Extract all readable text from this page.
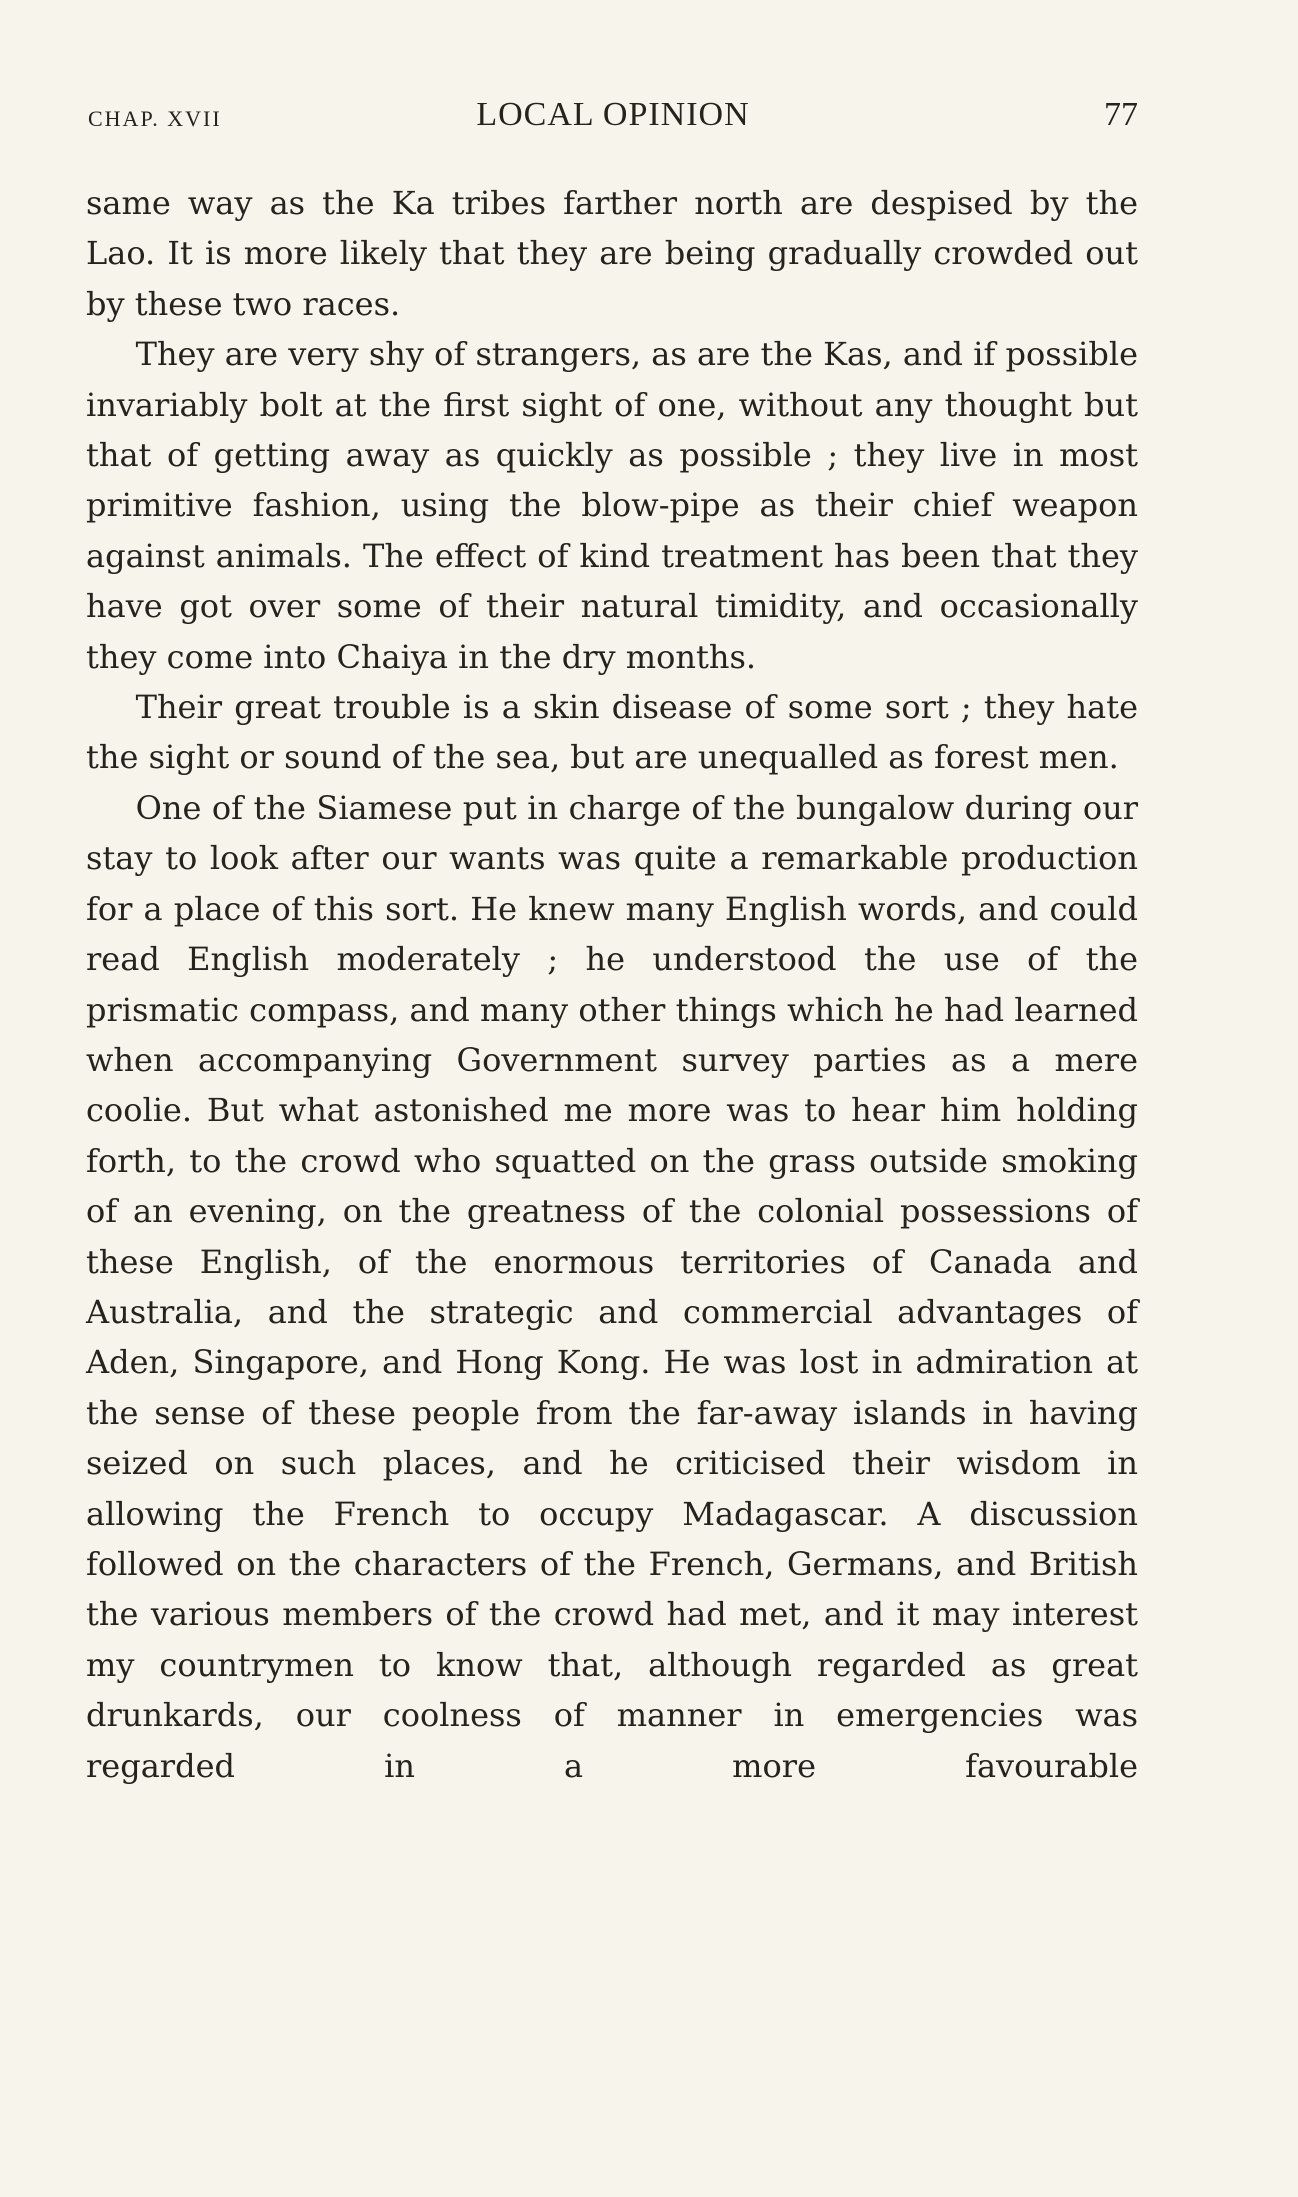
CHAP. XVII	LOCAL OPINION	77

same way as the Ka tribes farther north are despised by the Lao. It is more likely that they are being gradually crowded out by these two races.

They are very shy of strangers, as are the Kas, and if possible invariably bolt at the first sight of one, without any thought but that of getting away as quickly as possible ; they live in most primitive fashion, using the blow-pipe as their chief weapon against animals. The effect of kind treatment has been that they have got over some of their natural timidity, and occasionally they come into Chaiya in the dry months.

Their great trouble is a skin disease of some sort ; they hate the sight or sound of the sea, but are unequalled as forest men.

One of the Siamese put in charge of the bungalow during our stay to look after our wants was quite a remarkable production for a place of this sort. He knew many English words, and could read English moderately ; he understood the use of the prismatic compass, and many other things which he had learned when accompanying Government survey parties as a mere coolie. But what astonished me more was to hear him holding forth, to the crowd who squatted on the grass outside smoking of an evening, on the greatness of the colonial possessions of these English, of the enormous territories of Canada and Australia, and the strategic and commercial advantages of Aden, Singapore, and Hong Kong. He was lost in admiration at the sense of these people from the far-away islands in having seized on such places, and he criticised their wisdom in allowing the French to occupy Madagascar. A discussion followed on the characters of the French, Germans, and British the various members of the crowd had met, and it may interest my countrymen to know that, although regarded as great drunkards, our coolness of manner in emergencies was regarded in a more favourable
